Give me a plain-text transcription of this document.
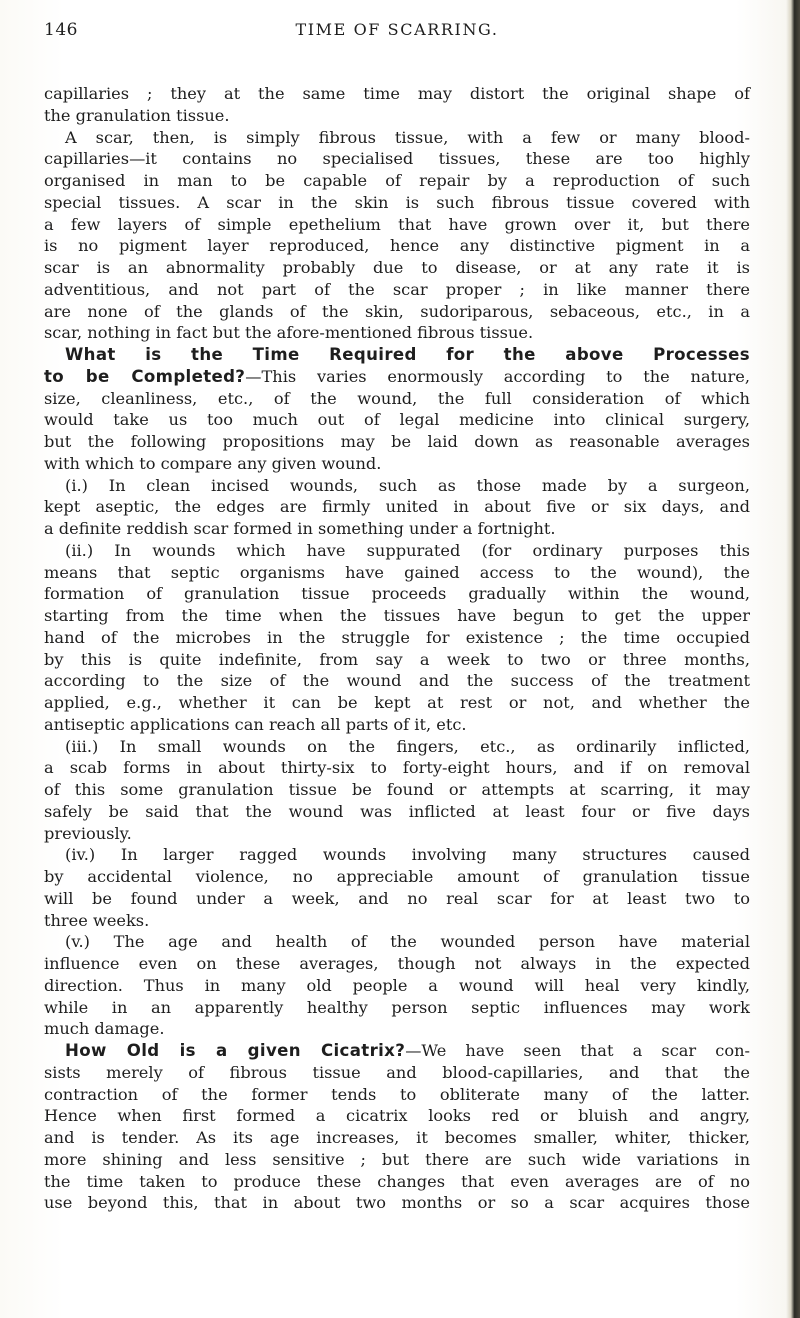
146	TIME OF SCARRING.
capillaries ; they at the same time may distort the original shape of
the granulation tissue.
A scar, then, is simply fibrous tissue, with a few or many blood-
capillaries—it contains no specialised tissues, these are too highly
organised in man to be capable of repair by a reproduction of such
special tissues. A scar in the skin is such fibrous tissue covered with
a few layers of simple epethelium that have grown over it, but there
is no pigment layer reproduced, hence any distinctive pigment in a
scar is an abnormality probably due to disease, or at any rate it is
adventitious, and not part of the scar proper ; in like manner there
are none of the glands of the skin, sudoriparous, sebaceous, etc., in a
scar, nothing in fact but the afore-mentioned fibrous tissue.
What is the Time Required for the above Processes
to be Completed?—This varies enormously according to the nature,
size, cleanliness, etc., of the wound, the full consideration of which
would take us too much out of legal medicine into clinical surgery,
but the following propositions may be laid down as reasonable averages
with which to compare any given wound.
(i.) In clean incised wounds, such as those made by a surgeon,
kept aseptic, the edges are firmly united in about five or six days, and
a definite reddish scar formed in something under a fortnight.
(ii.) In wounds which have suppurated (for ordinary purposes this
means that septic organisms have gained access to the wound), the
formation of granulation tissue proceeds gradually within the wound,
starting from the time when the tissues have begun to get the upper
hand of the microbes in the struggle for existence ; the time occupied
by this is quite indefinite, from say a week to two or three months,
according to the size of the wound and the success of the treatment
applied, e.g., whether it can be kept at rest or not, and whether the
antiseptic applications can reach all parts of it, etc.
(iii.) In small wounds on the fingers, etc., as ordinarily inflicted,
a scab forms in about thirty-six to forty-eight hours, and if on removal
of this some granulation tissue be found or attempts at scarring, it may
safely be said that the wound was inflicted at least four or five days
previously.
(iv.) In larger ragged wounds involving many structures caused
by accidental violence, no appreciable amount of granulation tissue
will be found under a week, and no real scar for at least two to
three weeks.
(v.) The age and health of the wounded person have material
influence even on these averages, though not always in the expected
direction. Thus in many old people a wound will heal very kindly,
while in an apparently healthy person septic influences may work
much damage.
How Old is a given Cicatrix?—We have seen that a scar con-
sists merely of fibrous tissue and blood-capillaries, and that the
contraction of the former tends to obliterate many of the latter.
Hence when first formed a cicatrix looks red or bluish and angry,
and is tender. As its age increases, it becomes smaller, whiter, thicker,
more shining and less sensitive ; but there are such wide variations in
the time taken to produce these changes that even averages are of no
use beyond this, that in about two months or so a scar acquires those
